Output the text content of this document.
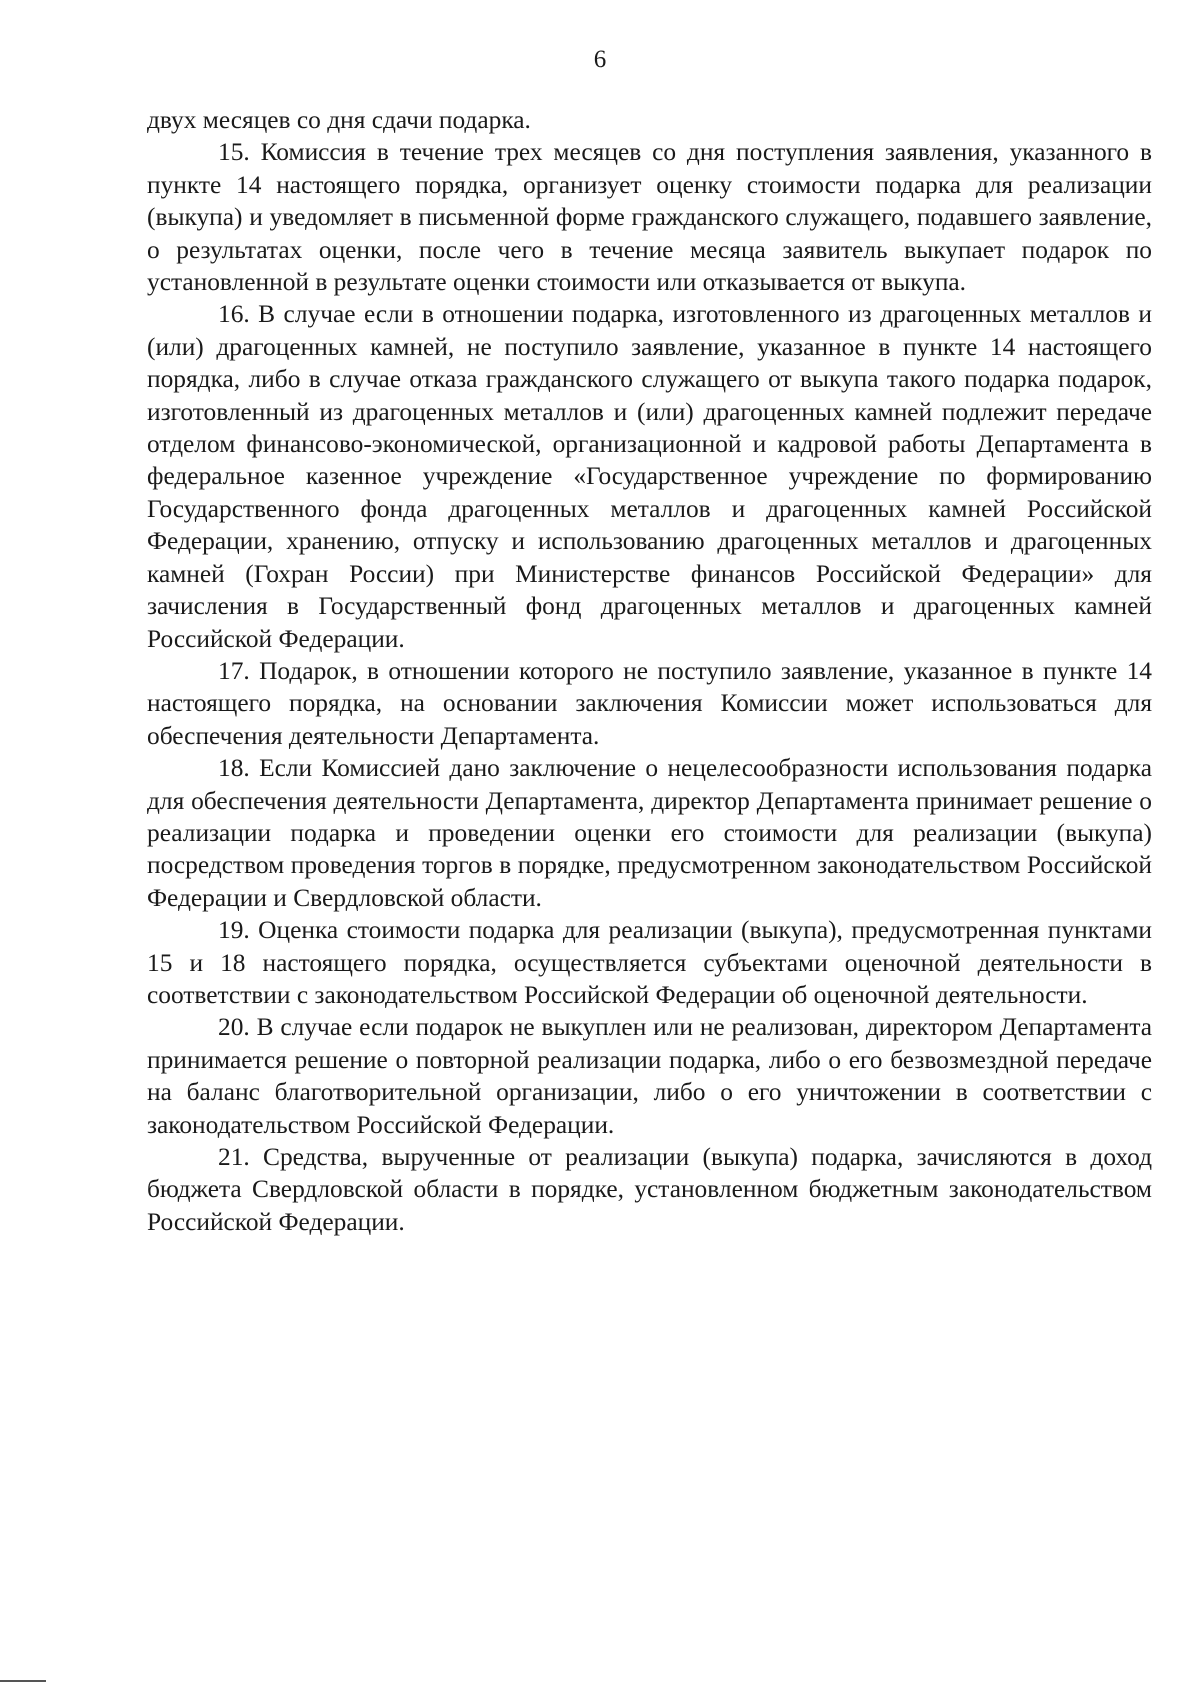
6

двух месяцев со дня сдачи подарка.

15. Комиссия в течение трех месяцев со дня поступления заявления, указанного в пункте 14 настоящего порядка, организует оценку стоимости подарка для реализации (выкупа) и уведомляет в письменной форме гражданского служащего, подавшего заявление, о результатах оценки, после чего в течение месяца заявитель выкупает подарок по установленной в результате оценки стоимости или отказывается от выкупа.

16. В случае если в отношении подарка, изготовленного из драгоценных металлов и (или) драгоценных камней, не поступило заявление, указанное в пункте 14 настоящего порядка, либо в случае отказа гражданского служащего от выкупа такого подарка подарок, изготовленный из драгоценных металлов и (или) драгоценных камней подлежит передаче отделом финансово-экономической, организационной и кадровой работы Департамента в федеральное казенное учреждение «Государственное учреждение по формированию Государственного фонда драгоценных металлов и драгоценных камней Российской Федерации, хранению, отпуску и использованию драгоценных металлов и драгоценных камней (Гохран России) при Министерстве финансов Российской Федерации» для зачисления в Государственный фонд драгоценных металлов и драгоценных камней Российской Федерации.

17. Подарок, в отношении которого не поступило заявление, указанное в пункте 14 настоящего порядка, на основании заключения Комиссии может использоваться для обеспечения деятельности Департамента.

18. Если Комиссией дано заключение о нецелесообразности использования подарка для обеспечения деятельности Департамента, директор Департамента принимает решение о реализации подарка и проведении оценки его стоимости для реализации (выкупа) посредством проведения торгов в порядке, предусмотренном законодательством Российской Федерации и Свердловской области.

19. Оценка стоимости подарка для реализации (выкупа), предусмотренная пунктами 15 и 18 настоящего порядка, осуществляется субъектами оценочной деятельности в соответствии с законодательством Российской Федерации об оценочной деятельности.

20. В случае если подарок не выкуплен или не реализован, директором Департамента принимается решение о повторной реализации подарка, либо о его безвозмездной передаче на баланс благотворительной организации, либо о его уничтожении в соответствии с законодательством Российской Федерации.

21. Средства, вырученные от реализации (выкупа) подарка, зачисляются в доход бюджета Свердловской области в порядке, установленном бюджетным законодательством Российской Федерации.
